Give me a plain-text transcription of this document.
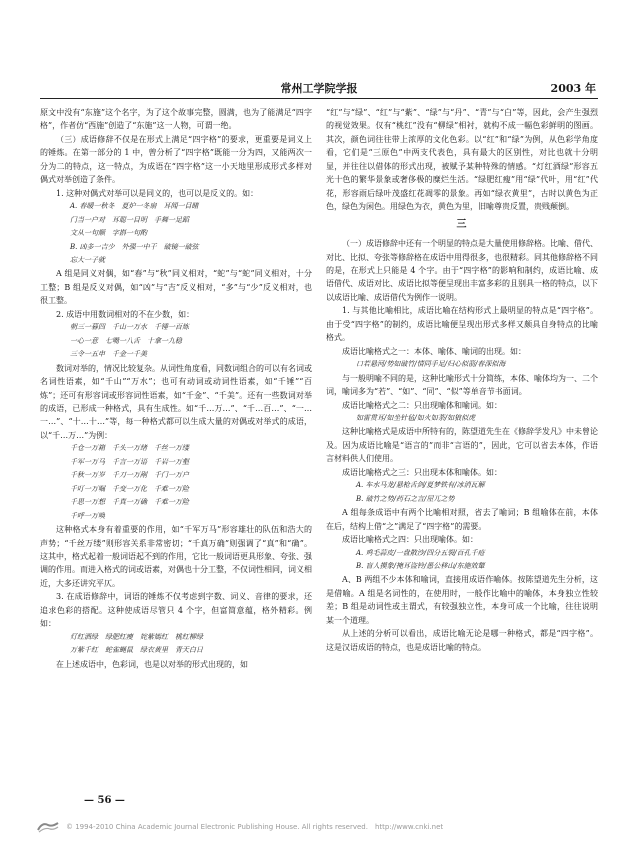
常州工学院学报	2003 年

原文中没有“东施”这个名字，为了这个故事完整，圆满，也为了能满足“四字格”，作者仿“西施”创造了“东施”这一人物，可谓一绝。

（三）成语修辞不仅是在形式上满足“四字格”的要求，更重要是词义上的锤炼。在第一部分的 1 中，曾分析了“四字格”既能一分为四，又能两次一分为二的特点，这一特点，为成语在“四字格”这一小天地里形成形式多样对偶式对举创造了条件。

1. 这种对偶式对举可以是同义的，也可以是反义的。如：

A. 春暖一秋冬　夏炉一冬扇　耳闻一目睹
门当一户对　耳聪一目明　手舞一足蹈
文从一句顺　字斟一句酌
B. 凶多一吉少　外强一中干　破镜一破弦
忘大一子就

A 组是同义对偶，如“春”与“秋”同义相对，“蛇”与“蛇”同义相对，十分工整；B 组是反义对偶，如“凶”与“吉”反义相对，“多”与“少”反义相对，也很工整。

2. 成语中用数词相对的不在少数，如：

朝三一暮四　千山一万水　千锤一百炼
一心一意　七嘴一八舌　十拿一九稳
三令一五申　千金一千美

数词对举的，情况比较复杂。从词性角度看，同数词组合的可以有名词或名词性语素，如“千山”“万水”；也可有动词或动词性语素，如“千锤”“百炼”；还可有形容词或形容词性语素，如“千金”、“千美”。还有一些数词对举的成语，已形成一种格式，具有生成性。如“千…万…”、“千…百…”、“一…一…”、“十…十…”等，每一种格式都可以生成大量的对偶或对举式的成语，以“千…万…”为例：

千仓一万箱　千头一万绪　千丝一万缕
千军一万马　千言一万语　千岩一万壑
千秋一万岁　千刀一万剐　千门一万户
千叮一万嘱　千变一万化　千难一万险
千思一万想　千真一万确　千难一万险
千呼一万唤

这种格式本身有着重要的作用，如“千军万马”形容雄壮的队伍和浩大的声势；“千丝万缕”则形容关系非常密切；“千真万确”则强调了“真”和“确”。这其中，格式起着一般词语起不到的作用，它比一般词语更具形象、夸张、强调的作用。而进入格式的词或语素，对偶也十分工整，不仅词性相同，词义相近，大多还讲究平仄。

3. 在成语修辞中，词语的锤炼不仅考虑到字数、词义、音律的要求，还追求色彩的搭配。这种使成语尽管只 4 个字，但富简意蕴，格外精彩。例如：

灯红酒绿　绿肥红瘦　姹紫嫣红　桃红柳绿
万紫千红　蛇雀蝇鼠　绿衣黄里　青天白日

在上述成语中，色彩词，也是以对举的形式出现的，如

“红”与“绿”、“红”与“紫”、“绿”与“丹”、“青”与“白”等，因此，会产生强烈的视觉效果。仅有“桃红”没有“柳绿”相衬，就构不成一幅色彩鲜明的图画。其次，颜色词往往带上浓厚的文化色彩。以“红”和“绿”为例，从色彩学角度看，它们是“三原色”中两支代表色，具有最大的区别性，对比也就十分明显，并往往以借体的形式出现，被赋予某种特殊的情感。“灯红酒绿”形容五光十色的繁华景象或奢侈极的糜烂生活。“绿肥红瘦”用“绿”代叶，用“红”代花，形容雨后绿叶茂盛红花凋零的景象。再如“绿衣黄里”，古时以黄色为正色，绿色为闲色。用绿色为衣，黄色为里，旧喻尊贵反置，贵贱颠倒。

三

（一）成语修辞中还有一个明显的特点是大量使用修辞格。比喻、借代、对比、比拟、夸张等修辞格在成语中用得很多，也很精彩。同其他修辞格不同的是，在形式上只能是 4 个字。由于“四字格”的影响和制约，成语比喻、成语借代、成语对比、成语比拟等便呈现出丰富多彩的且别具一格的特点，以下以成语比喻、成语借代为例作一说明。

1. 与其他比喻相比，成语比喻在结构形式上最明显的特点是“四字格”。由于受“四字格”的制约，成语比喻便呈现出形式多样又颇具自身特点的比喻格式。

成语比喻格式之一：本体、喻体、喻词的出现。如：

口若悬河/势如破竹/情同手足/归心似箭/春深似海

与一般明喻不同的是，这种比喻形式十分简练，本体、喻体均为一、二个词，喻词多为“若”、“如”、“同”、“似”等单音节书面词。

成语比喻格式之二：只出现喻体和喻词。如：

如雷贯耳/如坐针毡/如火如荼/如狼似虎

这种比喻格式是成语中所特有的，陈望道先生在《修辞学发凡》中未曾论及。因为成语比喻是“语言的”而非“言语的”，因此，它可以省去本体，作语言材料供人们使用。

成语比喻格式之三：只出现本体和喻体。如：

A. 车水马龙/悬枪舌剑/夏梦铁有/冰消瓦解
B. 破竹之势/药石之言/屋兀之势

A 组每条成语中有两个比喻相对照，省去了喻词；B 组喻体在前，本体在后，结构上借“之”满足了“四字格”的需要。

成语比喻格式之四：只出现喻体。如：

A. 鸡毛蒜皮/一盘散沙/四分五裂/百孔千疮
B. 盲人摸象/掩耳盗铃/愚公移山/东施效颦

A、B 两组不少本体和喻词，直接用成语作喻体。按陈望道先生分析，这是借喻。A 组是名词性的，在使用时，一般作比喻中的喻体，本身独立性较差；B 组是动词性或主谓式，有较强独立性，本身可成一个比喻，往往说明某一个道理。

从上述的分析可以看出，成语比喻无论是哪一种格式，都是“四字格”。这是汉语成语的特点，也是成语比喻的特点。

— 56 —
© 1994-2010 China Academic Journal Electronic Publishing House. All rights reserved.　http://www.cnki.net
